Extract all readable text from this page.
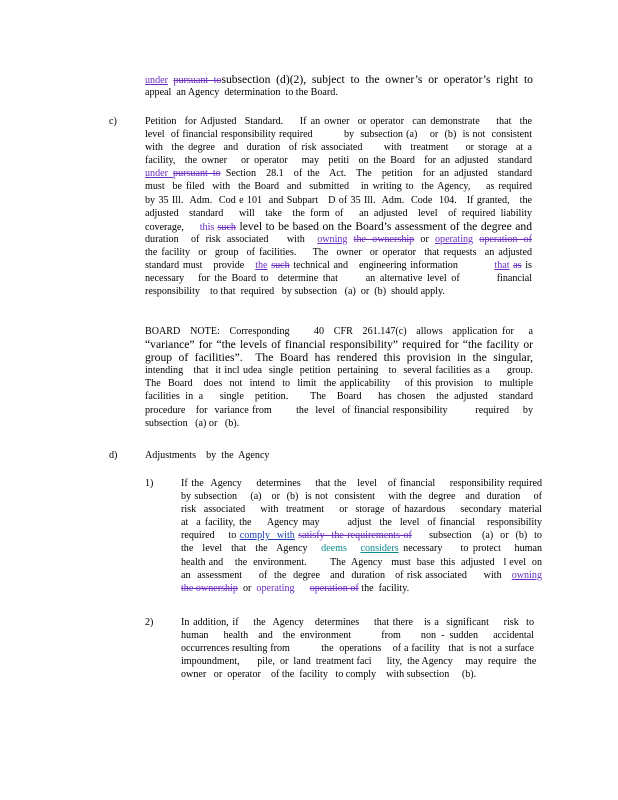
under pursuant tosubsection (d)(2), subject to the owner’s or operator’s right to
appeal  an Agency  determination  to the Board.
c)	Petition  for Adjusted  Standard.    If an owner  or operator  can demonstrate    that  the
level  of financial responsibility required          by  subsection (a)    or  (b)  is not  consistent
with  the degree  and  duration  of risk associated     with  treatment    or storage  at a
facility,  the owner   or operator   may  petiti  on the Board  for an adjusted  standard
under pursuant to Section  28.1  of the  Act.  The  petition  for an adjusted  standard
must  be filed  with  the Board  and  submitted   in writing to  the Agency,    as required
by 35 Ill.  Adm.  Cod e 101  and Subpart   D of 35 Ill.  Adm.  Code  104.   If granted,   the
adjusted  standard   will  take  the form of   an adjusted  level  of required liability
coverage,     this such level to be based on the Board’s assessment of the degree and
duration  of risk associated   with  owning the ownership or operating operation of
the facility  or  group  of facilities.    The  owner  or operator  that requests  an adjusted
standard must   provide   the such technical and   engineering information          that as is
necessary   for the Board to  determine that      an alternative level of        financial
responsibility    to that  required   by subsection   (a)  or  (b)  should apply.
BOARD  NOTE:  Corresponding     40  CFR  261.147(c)  allows  application for   a
“variance” for “the levels of financial responsibility” required for “the facility or
group of facilities”.  The Board has rendered this provision in the singular,
intending   that  it incl udea  single  petition  pertaining   to  several facilities as a     group.
The  Board   does  not  intend  to  limit  the applicability    of this provision   to  multiple
facilities in a   single  petition.    The  Board   has chosen  the adjusted  standard
procedure   for  variance from       the  level  of financial responsibility        required    by
subsection   (a) or   (b).
d)	Adjustments    by  the  Agency
1)	If the  Agency    determines    that the   level   of financial    responsibility required
by subsection    (a)   or  (b)  is not  consistent    with the  degree   and  duration    of
risk  associated    with  treatment    or  storage  of hazardous    secondary  material
at  a facility, the    Agency may       adjust  the  level  of financial   responsibility
required    to comply  with satisfy  the requirements of     subsection   (a)  or  (b)  to
the  level  that  the  Agency   deems considers necessary    to protect   human
health and    the  environment.        The  Agency   must  base  this  adjusted   l evel  on
an  assessment     of  the  degree   and  duration   of risk associated     with   owning
the ownership  or  operating operation of the  facility.
2)	In addition, if    the  Agency   determines    that there   is a  significant    risk  to
human   health  and  the environment      from    non - sudden   accidental
occurrences resulting from           the  operations    of a facility   that  is not  a surface
impoundment,       pile,  or  land  treatment faci      lity,  the Agency     may  require   the
owner   or  operator    of the  facility   to comply    with subsection     (b).
